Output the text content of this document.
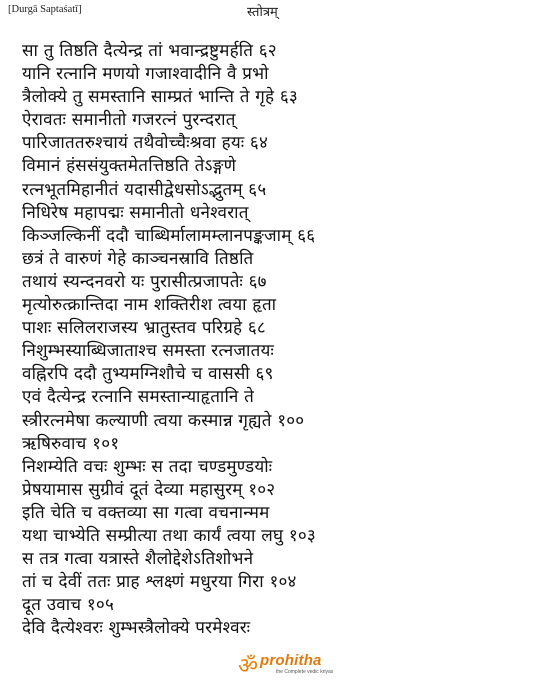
[Durgā Saptaśatī]	स्तोत्रम्
सा तु तिष्ठति दैत्येन्द्र तां भवान्द्रष्टुमर्हति ६२
यानि रत्नानि मणयो गजाश्वादीनि वै प्रभो
त्रैलोक्ये तु समस्तानि साम्प्रतं भान्ति ते गृहे ६३
ऐरावतः समानीतो गजरत्नं पुरन्दरात्
पारिजाततरुश्चायं तथैवोच्चैःश्रवा हयः ६४
विमानं हंससंयुक्तमेतत्तिष्ठति तेऽङ्गणे
रत्नभूतमिहानीतं यदासीद्वेधसोऽद्भुतम् ६५
निधिरेष महापद्मः समानीतो धनेश्वरात्
किञ्जल्किनीं ददौ चाब्धिर्मालामम्लानपङ्कजाम् ६६
छत्रं ते वारुणं गेहे काञ्चनस्रावि तिष्ठति
तथायं स्यन्दनवरो यः पुरासीत्प्रजापतेः ६७
मृत्योरुत्क्रान्तिदा नाम शक्तिरीश त्वया हृता
पाशः सलिलराजस्य भ्रातुस्तव परिग्रहे ६८
निशुम्भस्याब्धिजाताश्च समस्ता रत्नजातयः
वह्निरपि ददौ तुभ्यमग्निशौचे च वाससी ६९
एवं दैत्येन्द्र रत्नानि समस्तान्याहृतानि ते
स्त्रीरत्नमेषा कल्याणी त्वया कस्मान्न गृह्यते १००
ऋषिरुवाच १०१
निशम्येति वचः शुम्भः स तदा चण्डमुण्डयोः
प्रेषयामास सुग्रीवं दूतं देव्या महासुरम् १०२
इति चेति च वक्तव्या सा गत्वा वचनान्मम
यथा चाभ्येति सम्प्रीत्या तथा कार्यं त्वया लघु १०३
स तत्र गत्वा यत्रास्ते शैलोद्देशेऽतिशोभने
तां च देवीं ततः प्राह श्लक्ष्णं मधुरया गिरा १०४
दूत उवाच १०५
देवि दैत्येश्वरः शुम्भस्त्रैलोक्ये परमेश्वरः
ॐ prohitha
the Complete vedic kriyas
